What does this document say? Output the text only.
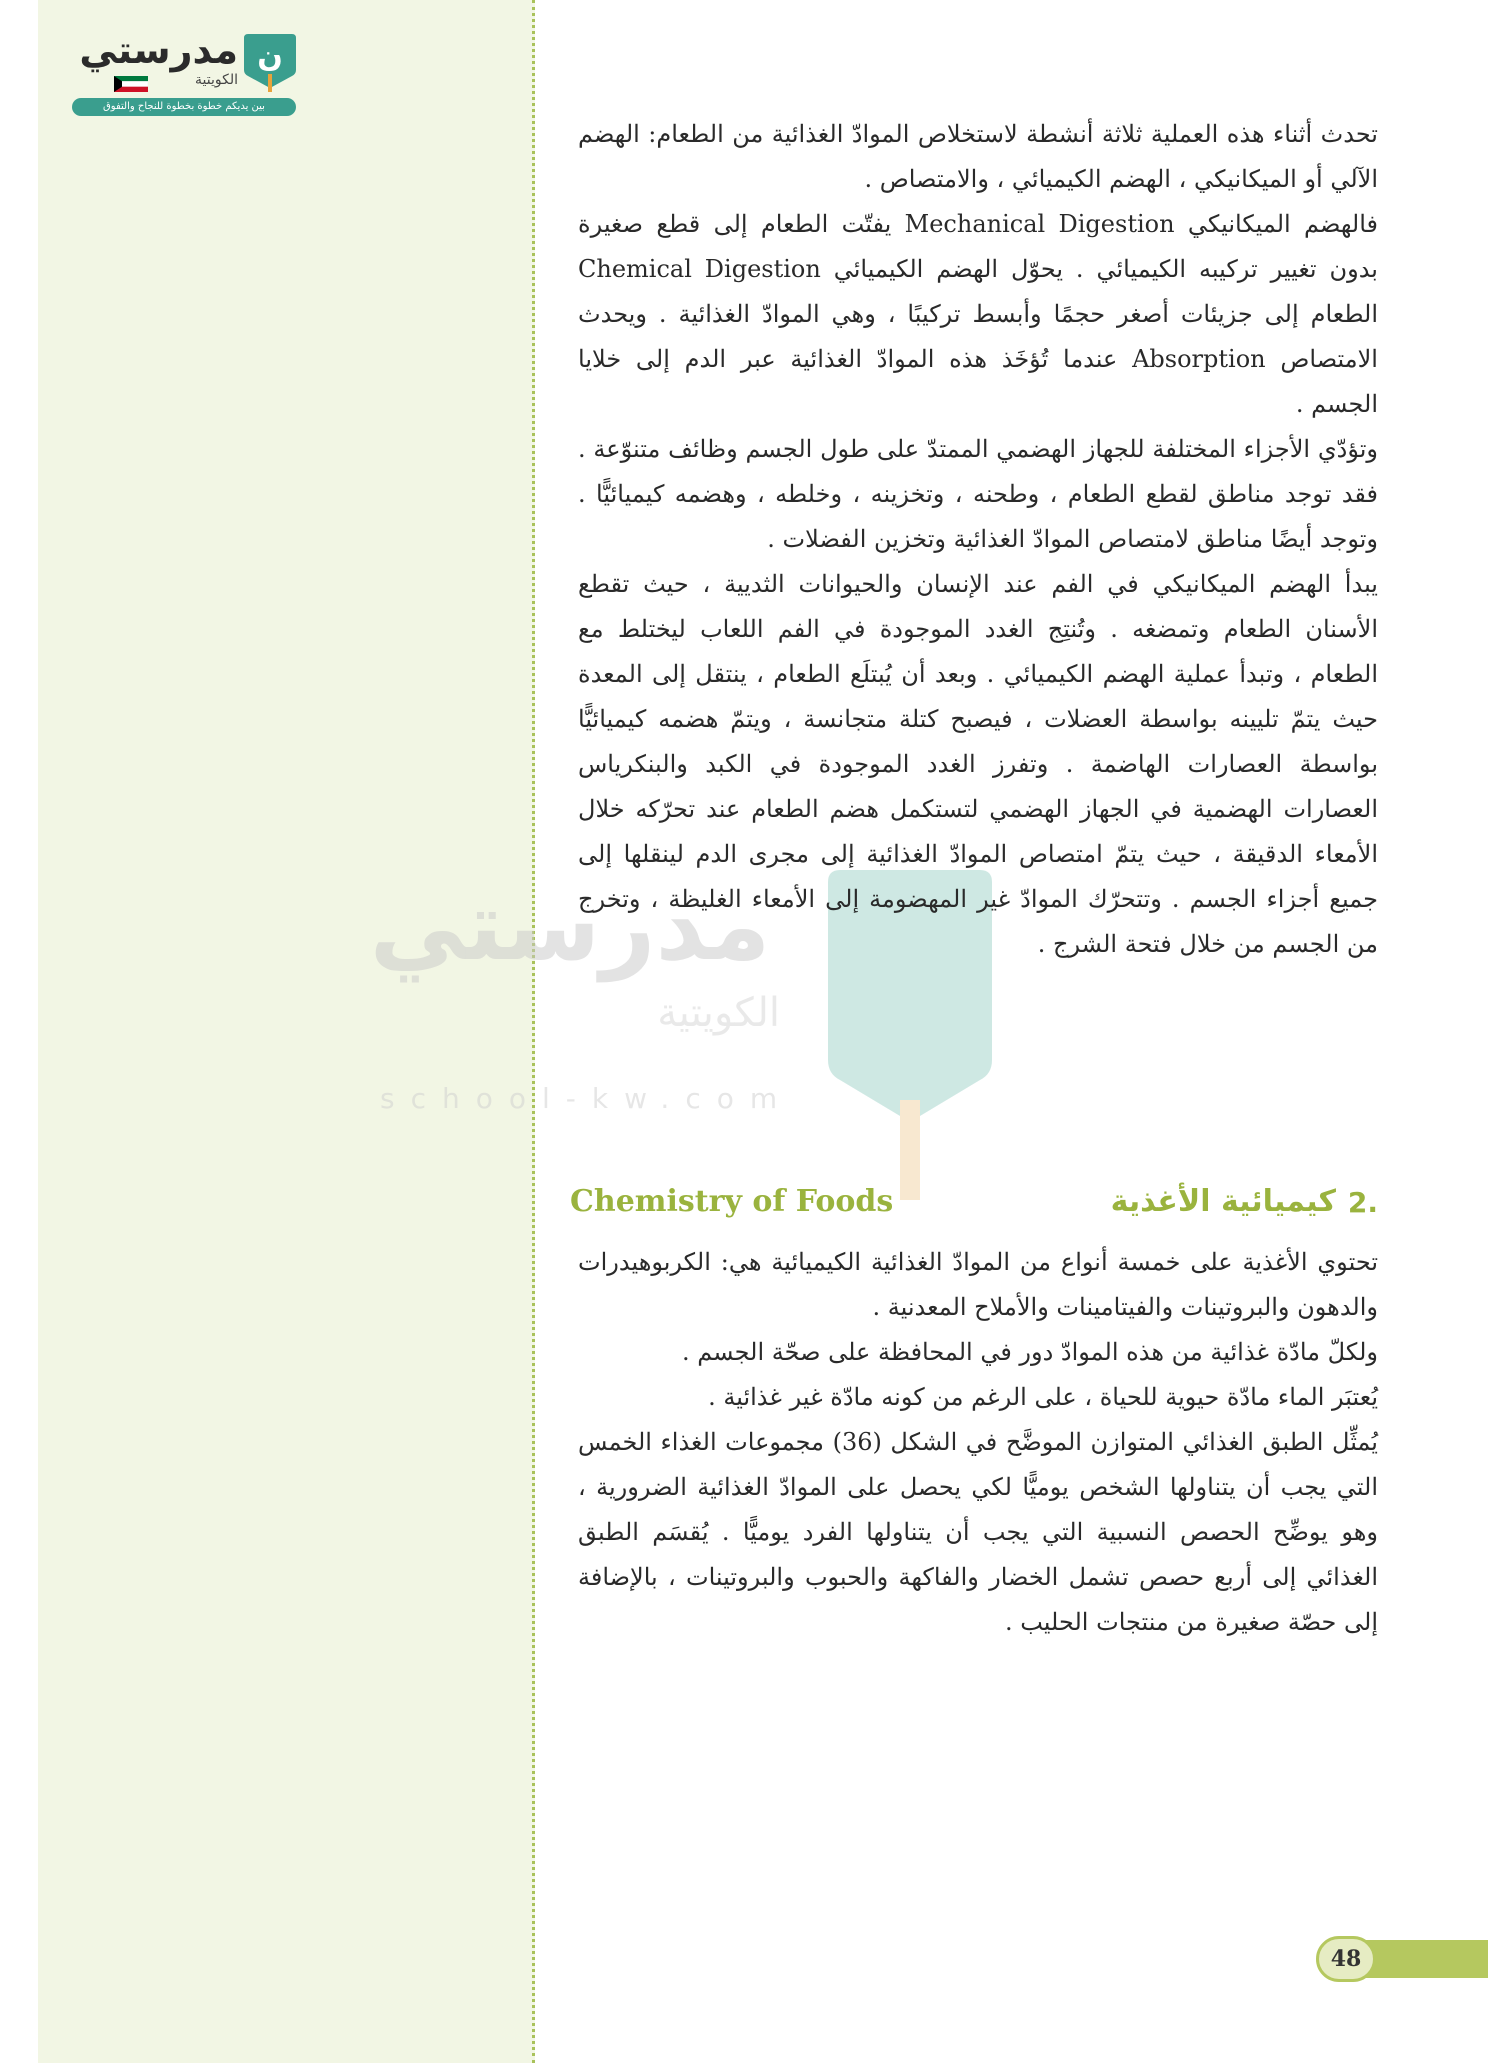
مدرستي
الكويتية
ن
بين يديكم خطوة بخطوة للنجاح والتفوق
مدرستي
الكويتية
school-kw.com

تحدث أثناء هذه العملية ثلاثة أنشطة لاستخلاص الموادّ الغذائية من الطعام: الهضم الآلي أو الميكانيكي ، الهضم الكيميائي ، والامتصاص .

فالهضم الميكانيكي Mechanical Digestion يفتّت الطعام إلى قطع صغيرة بدون تغيير تركيبه الكيميائي . يحوّل الهضم الكيميائي Chemical Digestion الطعام إلى جزيئات أصغر حجمًا وأبسط تركيبًا ، وهي الموادّ الغذائية . ويحدث الامتصاص Absorption عندما تُؤخَذ هذه الموادّ الغذائية عبر الدم إلى خلايا الجسم .

وتؤدّي الأجزاء المختلفة للجهاز الهضمي الممتدّ على طول الجسم وظائف متنوّعة . فقد توجد مناطق لقطع الطعام ، وطحنه ، وتخزينه ، وخلطه ، وهضمه كيميائيًّا . وتوجد أيضًا مناطق لامتصاص الموادّ الغذائية وتخزين الفضلات .

يبدأ الهضم الميكانيكي في الفم عند الإنسان والحيوانات الثديية ، حيث تقطع الأسنان الطعام وتمضغه . وتُنتِج الغدد الموجودة في الفم اللعاب ليختلط مع الطعام ، وتبدأ عملية الهضم الكيميائي . وبعد أن يُبتلَع الطعام ، ينتقل إلى المعدة حيث يتمّ تليينه بواسطة العضلات ، فيصبح كتلة متجانسة ، ويتمّ هضمه كيميائيًّا بواسطة العصارات الهاضمة . وتفرز الغدد الموجودة في الكبد والبنكرياس العصارات الهضمية في الجهاز الهضمي لتستكمل هضم الطعام عند تحرّكه خلال الأمعاء الدقيقة ، حيث يتمّ امتصاص الموادّ الغذائية إلى مجرى الدم لينقلها إلى جميع أجزاء الجسم . وتتحرّك الموادّ غير المهضومة إلى الأمعاء الغليظة ، وتخرج من الجسم من خلال فتحة الشرج .

2.
كيميائية الأغذية
Chemistry of Foods

تحتوي الأغذية على خمسة أنواع من الموادّ الغذائية الكيميائية هي: الكربوهيدرات والدهون والبروتينات والفيتامينات والأملاح المعدنية .

ولكلّ مادّة غذائية من هذه الموادّ دور في المحافظة على صحّة الجسم .

يُعتبَر الماء مادّة حيوية للحياة ، على الرغم من كونه مادّة غير غذائية .

يُمثِّل الطبق الغذائي المتوازن الموضَّح في الشكل (36) مجموعات الغذاء الخمس التي يجب أن يتناولها الشخص يوميًّا لكي يحصل على الموادّ الغذائية الضرورية ، وهو يوضِّح الحصص النسبية التي يجب أن يتناولها الفرد يوميًّا . يُقسَم الطبق الغذائي إلى أربع حصص تشمل الخضار والفاكهة والحبوب والبروتينات ، بالإضافة إلى حصّة صغيرة من منتجات الحليب .

48
